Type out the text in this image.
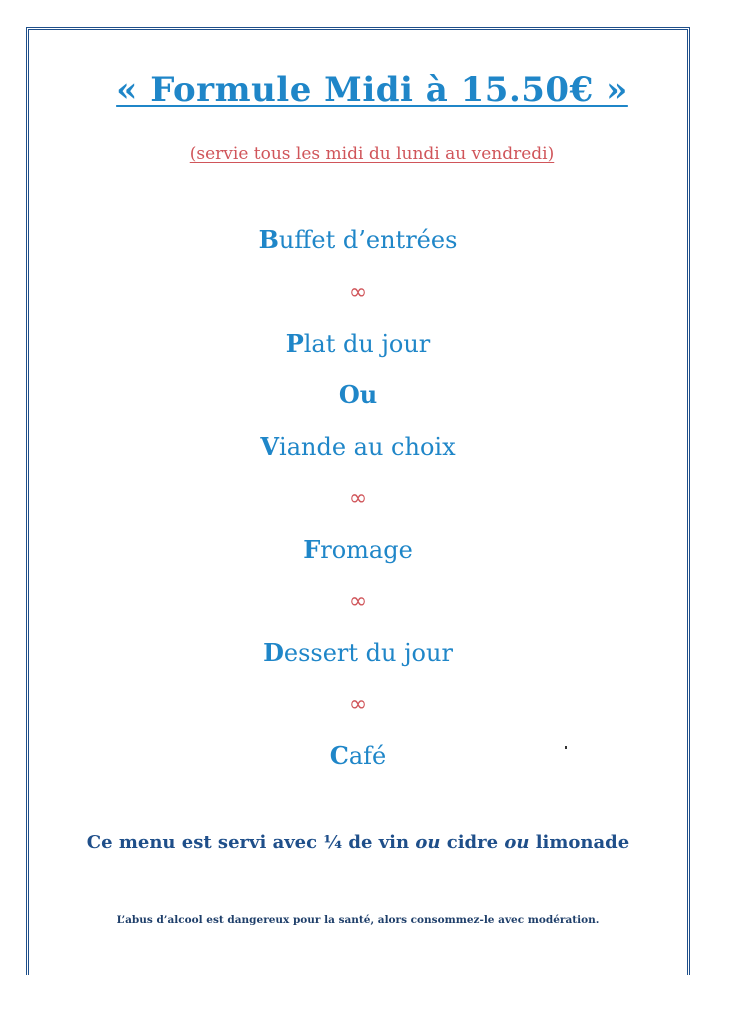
« Formule Midi à 15.50€ »
(servie tous les midi du lundi au vendredi)
Buffet d’entrées
∞
Plat du jour
Ou
Viande au choix
∞
Fromage
∞
Dessert du jour
∞
Café
Ce menu est servi avec ¼ de vin ou cidre ou limonade
L’abus d’alcool est dangereux pour la santé, alors consommez-le avec modération.
